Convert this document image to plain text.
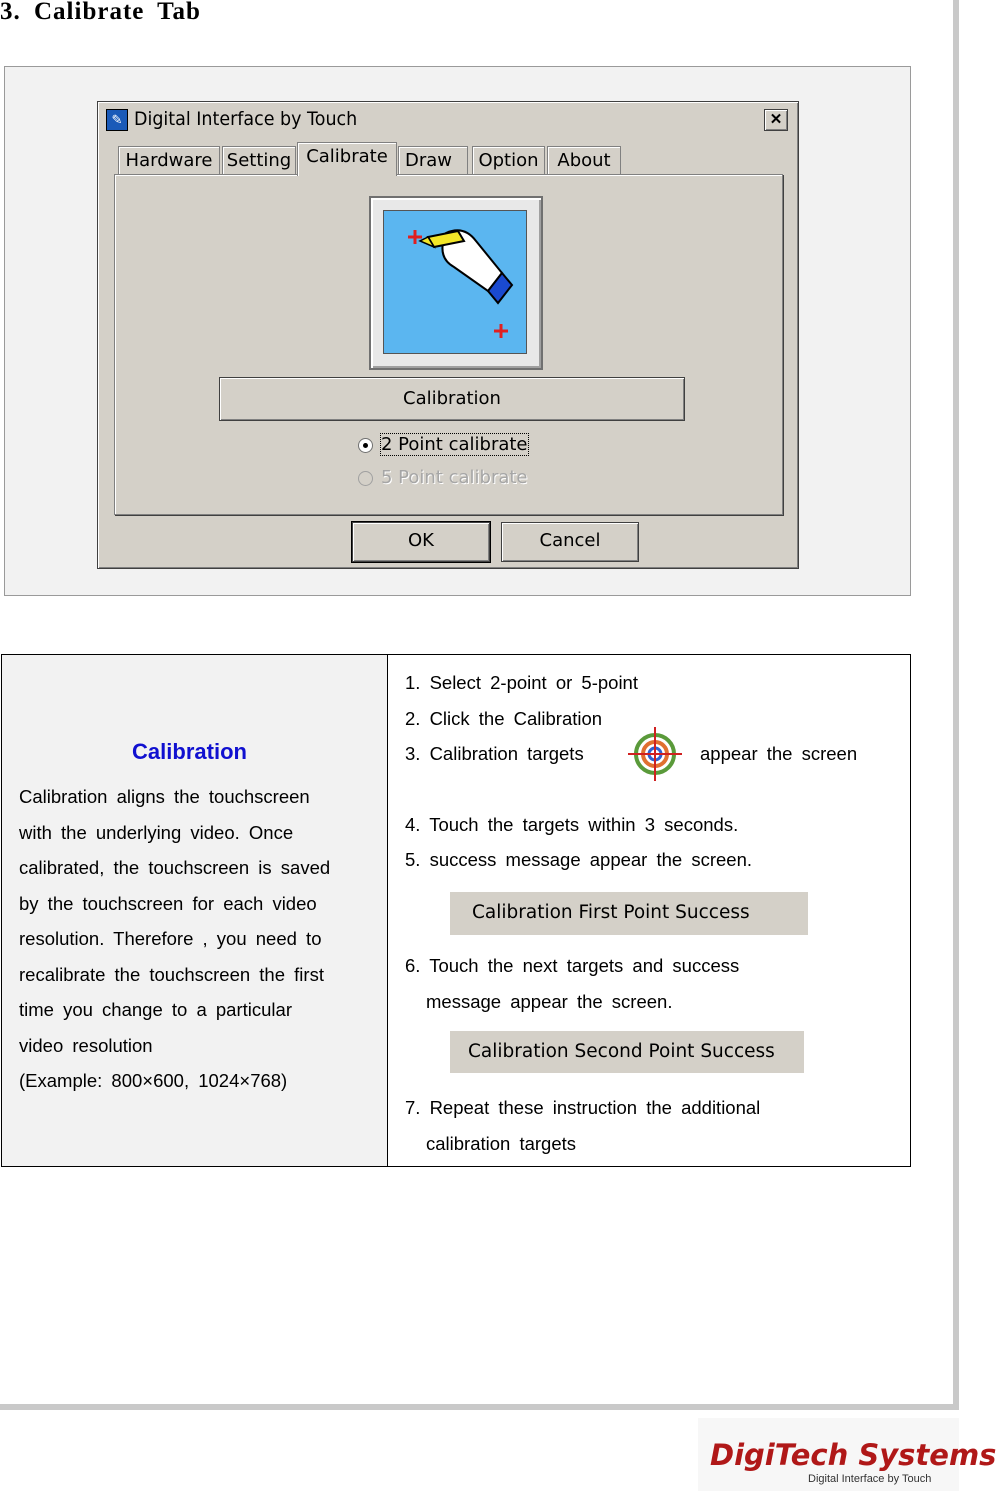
3. Calibrate Tab
✎ Digital Interface by Touch	✕
Hardware Setting Calibrate Draw	Option	About
Calibration
2 Point calibrate
5 Point calibrate
OK	Cancel
Calibration
Calibration aligns the touchscreen
with the underlying video. Once
calibrated, the touchscreen is saved
by the touchscreen for each video
resolution. Therefore , you need to
recalibrate the touchscreen the first
time you change to a particular
video resolution
(Example: 800×600, 1024×768)
1. Select 2-point or 5-point
2. Click the Calibration
3. Calibration targets	appear the screen
4. Touch the targets within 3 seconds.
5. success message appear the screen.
Calibration First Point Success
6. Touch the next targets and success
message appear the screen.
Calibration Second Point Success
7. Repeat these instruction the additional
calibration targets
DigiTech Systems
Digital Interface by Touch
